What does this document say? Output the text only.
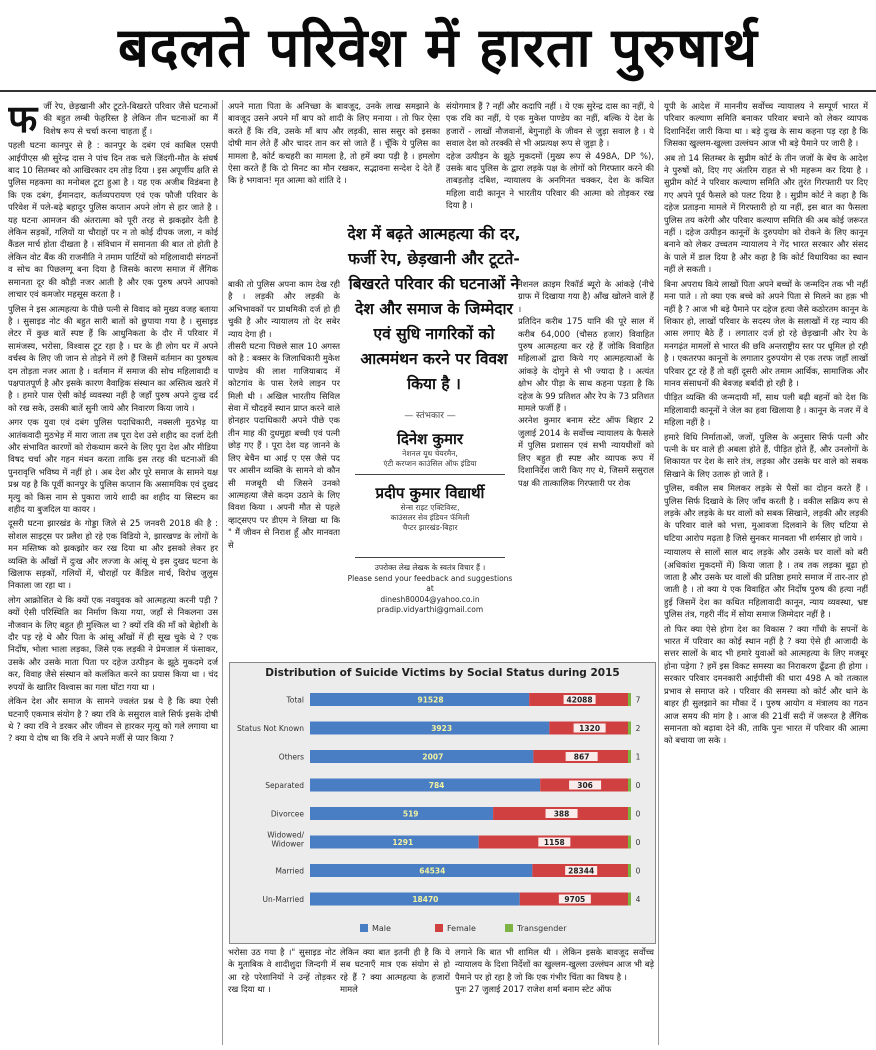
बदलते परिवेश में हारता पुरुषार्थ
फ र्जी रेप, छेड़खानी और टूटते-बिखरते परिवार जैसे घटनाओं की बहुत लम्बी फेहरिस्त है लेकिन तीन घटनाओं का मैं विशेष रूप से चर्चा करना चाहता हूँ ।

पहली घटना कानपुर से है : कानपुर के दबंग एवं काबिल एसपी आईपीएस श्री सुरेन्द्र दास ने पांच दिन तक चले जिंदगी-मौत के संघर्ष बाद 10 सितम्बर को आखिरकार दम तोड़ दिया । इस अपूर्णीय क्षति से पुलिस महकमा का मनोबल टूटा हुआ है । यह एक अजीब विडंबना है कि एक दबंग, ईमानदार, कर्तव्यपरायण एवं एक फौजी परिवार के परिवेश में पले-बढ़े बहादुर पुलिस कप्तान अपने लोग से हार जाते है । यह घटना आमजन की अंतरात्मा को पूरी तरह से झकझोर देती है लेकिन सड़कों, गलियों या चौराहों पर न तो कोई दीपक जला, न कोई कैंडल मार्च होता दीखता है । संविधान में समानता की बात तो होती है लेकिन वोट बैंक की राजनीति ने तमाम पार्टियों को महिलावादी संगठनों व सोच का पिछलग्गू बना दिया है जिसके कारण समाज में लैंगिक समानता दूर की कौड़ी नजर आती है और एक पुरुष अपने आपको लाचार एवं कमजोर महसूस करता है ।

पुलिस ने इस आत्महत्या के पीछे पत्नी से विवाद को मुख्य वजह बताया है । सुसाइड नोट की बहुत सारी बातों को छुपाया गया है । सुसाइड लेटर में कुछ बातें स्पष्ट हैं कि आधुनिकता के दौर में परिवार में सामंजस्य, भरोसा, विश्वास टूट रहा है । घर के ही लोग घर में अपने वर्चस्व के लिए जी जान से तोड़ने में लगे हैं जिसमें वर्तमान का पुरुषत्व दम तोड़ता नजर आता है । वर्तमान में समाज की सोच महिलावादी व पक्षपातपूर्ण है और इसके कारण वैवाहिक संस्थान का अस्तित्व खतरे में है । हमारे पास ऐसी कोई व्यवस्था नहीं है जहाँ पुरुष अपने दुःख दर्द को रख सके, उसकी बातें सुनी जाये और निवारण किया जाये ।

अगर एक युवा एवं दबंग पुलिस पदाधिकारी, नक्सली मुठभेड़ या आतंकवादी मुठभेड़ में मारा जाता तब पूरा देश उसे शहीद का दर्जा देती और संभावित कारणों को रोकथाम करने के लिए पूरा देश और मीडिया विषद चर्चा और गहन मंथन करता ताकि इस तरह की घटनाओं की पुनरावृत्ति भविष्य में नहीं हो । अब देश और पूरे समाज के सामने यक्ष प्रश्न यह है कि पूर्वी कानपुर के पुलिस कप्तान कि असामयिक एवं दुखद मृत्यु को किस नाम से पुकारा जाये शादी का शहीद या सिस्टम का शहीद या बुजदिल या कायर ।

दूसरी घटना झारखंड के गोड्डा जिले से 25 जनवरी 2018 की है : सोशल साइट्स पर फ़्लैश हो रहे एक विडियो ने, झारखण्ड के लोगों के मन मस्तिष्क को झकझोर कर रख दिया था और इसको लेकर हर व्यक्ति के आँखों में दुःख और लज्जा के आंसू थे इस दुखद घटना के खिलाफ सड़कों, गलियों में, चौराहों पर कैंडिल मार्च, विरोध जुलुस निकाला जा रहा था ।

लोग आक्रोशित थे कि क्यों एक नवयुवक को आत्महत्या करनी पड़ी ? क्यों ऐसी परिस्थिति का निर्माण किया गया, जहाँ से निकलना उस नौजवान के लिए बहुत ही मुश्किल था ? क्यों रवि की माँ को बेहोशी के दौर पड़ रहे थे और पिता के आंसू आँखों में ही सूख चुके थे ? एक निर्दोष, भोला भाला लड़का, जिसे एक लड़की ने प्रेमजाल में फंसाकर, उसके और उसके माता पिता पर दहेज उत्पीड़न के झूठे मुकदमे दर्ज कर, विवाह जैसे संस्थान को कलंकित करने का प्रयास किया था । चंद रुपयों के खातिर विश्वास का गला घोंटा गया था ।

लेकिन देश और समाज के सामने ज्वलंत प्रश्न ये है कि क्या ऐसी घटनाएँ एकमात्र संयोग है ? क्या रवि के ससुराल वाले सिर्फ इसके दोषी थे ? क्या रवि ने डरकर और जीवन से हारकर मृत्यु को गले लगाया था ? क्या ये दोष था कि रवि ने अपने मर्जी से प्यार किया ?

अपने माता पिता के अनिच्छा के बावजूद, उनके लाख समझाने के बावजूद उसने अपने माँ बाप को शादी के लिए मनाया । तो फिर ऐसा करते हैं कि रवि, उसके माँ बाप और लड़की, सास ससुर को इसका दोषी मान लेते हैं और चादर तान कर सो जाते हैं । चूँकि ये पुलिस का मामला है, कोर्ट कचहरी का मामला है, तो हमें क्या पड़ी है । हमलोग ऐसा करते हैं कि दो मिनट का मौन रखकर, सद्भावना सन्देश दे देते हैं कि हे भगवान! मृत आत्मा को शांति दे ।

बाकी तो पुलिस अपना काम देख रही है । लड़की और लड़की के अभिभावकों पर प्राथमिकी दर्ज हो ही चुकी है और न्यायालय तो देर सबेर न्याय देगा ही ।
तीसरी घटना पिछले साल 10 अगस्त को है : बक्सर के जिलाधिकारी मुकेश पाण्डेय की लाश गाजियाबाद में कोटगांव के पास रेलवे लाइन पर मिली थी । अखिल भारतीय सिविल सेवा में चौदहवें स्थान प्राप्त करने वाले होनहार पदाधिकारी अपने पीछे एक तीन माह की दुधमुहा बच्ची एवं पत्नी छोड़ गए हैं । पूरा देश यह जानने के लिए बेचैन था आई ए एस जैसे पद पर आसीन व्यक्ति के सामने वो कौन सी मजबूरी थी जिसने उनको आत्महत्या जैसे कदम उठाने के लिए विवश किया । अपनी मौत से पहले व्हाट्सएप पर डीएम ने लिखा था कि " मैं जीवन से निराश हूँ और मानवता से

संयोगमात्र हैं ? नहीं और कदापि नहीं । ये एक सुरेन्द्र दास का नहीं, ये एक रवि का नहीं, ये एक मुकेश पाण्डेय का नहीं, बल्कि ये देश के हजारों - लाखों नौजवानों, बेगुनाहों के जीवन से जुड़ा सवाल है । ये सवाल देश को तरक्की से भी अप्रत्यक्ष रूप से जुड़ा है ।
दहेज उत्पीड़न के झूठे मुकदमों (मुख्य रूप से 498A, DP %), उसके बाद पुलिस के द्वारा लड़के पक्ष के लोगों को गिरफ्तार करने की ताबड़तोड़ दबिश, न्यायालय के अनगिनत चक्कर, देश के कथित महिला वादी कानून ने भारतीय परिवार की आत्मा को तोड़कर रख दिया है ।

नेशनल क्राइम रिकॉर्ड ब्यूरो के आंकड़े (नीचे ग्राफ में दिखाया गया है) आँख खोलने वाले हैं ।
प्रतिदिन करीब 175 यानि की पूरे साल में करीब 64,000 (चौसठ हजार) विवाहित पुरुष आत्महत्या कर रहे हैं जोकि विवाहित महिलाओं द्वारा किये गए आत्महत्याओं के आंकड़े के दोगुने से भी ज्यादा है । अत्यंत क्षोभ और पीड़ा के साथ कहना पड़ता है कि दहेज के 99 प्रतिशत और रेप के 73 प्रतिशत मामले फर्जी हैं ।
अरनेश कुमार बनाम स्टेट ऑफ बिहार 2 जुलाई 2014 के सर्वोच्च न्यायालय के फैसले में पुलिस प्रशासन एवं सभी न्यायधीशों को लिए बहुत ही स्पष्ट और व्यापक रूप में दिशानिर्देश जारी किए गए थे, जिसमें ससुराल पक्ष की तात्कालिक गिरफ्तारी पर रोक

देश में बढ़ते आत्महत्या की दर, फर्जी रेप, छेड़खानी और टूटते-बिखरते परिवार की घटनाओं ने देश और समाज के जिम्मेदार एवं सुधि नागरिकों को आत्ममंथन करने पर विवश किया है ।
— स्तंभकार —
दिनेश कुमार
नेशनल यूथ चेयरमैन,
एंटी करप्शन काउंसिल ऑफ इंडिया
प्रदीप कुमार विद्यार्थी
सेन्स राइट एक्टिविस्ट,
काउंसलर सेव इंडियन फॅमिली
चैप्टर झारखंड-बिहार
उपरोक्त लेख लेखक के स्वतंत्र विचार हैं ।
Please send your feedback and suggestions at
dinesh80004@yahoo.co.in
pradip.vidyarthi@gmail.com
Distribution of Suicide Victims by Social Status during 2015
Total	91528	42088	7
Status Not Known	3923	1320	2
Others	2007	867	1
Separated	784	306	0
Divorcee	519	388	0
Widowed/ Widower	1291	1158	0
Married	64534	28344	0
Un-Married	18470	9705	4
Male	Female	Transgender
भरोसा उठ गया है ।" सुसाइड नोट के मुताबिक वे शादीशुदा जिन्दगी में आ रहे परेशानियों ने उन्हें तोड़कर रख दिया था ।
लेकिन क्या बात इतनी ही है कि ये सब घटनाएँ मात्र एक संयोग से हो रहे हैं ? क्या आत्महत्या के हजारों मामले
लगाने कि बात भी शामिल थी । लेकिन इसके बावजूद सर्वोच्च न्यायालय के दिशा निर्देशों का खुल्लम-खुल्ला उल्लंघन आज भी बड़े पैमाने पर हो रहा है जो कि एक गंभीर चिंता का विषय है ।
पुनः 27 जुलाई 2017 राजेश शर्मा बनाम स्टेट ऑफ

यूपी के आदेश में माननीय सर्वोच्च न्यायालय ने सम्पूर्ण भारत में परिवार कल्याण समिति बनाकर परिवार बचाने को लेकर व्यापक दिशानिर्देश जारी किया था । बड़े दुःख के साथ कहना पड़ रहा है कि जिसका खुल्लम-खुल्ला उल्लंघन आज भी बड़े पैमाने पर जारी है ।

अब तो 14 सितम्बर के सुप्रीम कोर्ट के तीन जजों के बेंच के आदेश ने पुरुषों को, दिए गए अंतरिम राहत से भी महरूम कर दिया है । सुप्रीम कोर्ट ने परिवार कल्याण समिति और तुरंत गिरफ्तारी पर दिए गए अपने पूर्व फैसले को पलट दिया है । सुप्रीम कोर्ट ने कहा है कि दहेज प्रताड़ना मामले में गिरफ्तारी हो या नहीं, इस बात का फैसला पुलिस तय करेगी और परिवार कल्याण समिति की अब कोई जरूरत नहीं । दहेज उत्पीड़न कानूनों के दुरुपयोग को रोकने के लिए कानून बनाने को लेकर उच्चतम न्यायालय ने गेंद भारत सरकार और संसद के पाले में डाल दिया है और कहा है कि कोर्ट विधायिका का स्थान नहीं ले सकती ।

बिना अपराध किये लाखों पिता अपने बच्चों के जन्मदिन तक भी नहीं मना पाते । तो क्या एक बच्चे को अपने पिता से मिलने का हक़ भी नहीं है ? आज भी बड़े पैमाने पर दहेज हत्या जैसे कठोरतम कानून के शिकार हो, लाखों परिवार के सदस्य जेल के सलाखों में रह न्याय की आस लगाए बैठे हैं । लगातार दर्ज हो रहे छेड़खानी और रेप के मनगढ़ंत मामलों से भारत की छवि अन्तराष्ट्रीय स्तर पर धूमिल हो रही है । एकतरफा कानूनों के लगातार दुरुपयोग से एक तरफ जहाँ लाखों परिवार टूट रहे हैं तो वहीं दूसरी ओर तमाम आर्थिक, सामाजिक और मानव संसाधनों की बेवजह बर्बादी हो रही है ।

पीड़ित व्यक्ति की जन्मदायी माँ, साथ पली बढ़ी बहनों को देश कि महिलावादी कानूनों ने जेल का हवा खिलाया है । कानून के नजर में वे महिला नहीं है ।

हमारे विधि निर्माताओं, जजों, पुलिस के अनुसार सिर्फ पत्नी और पत्नी के घर वाले ही अबला होते हैं, पीड़ित होते हैं, और उनलोगों के शिकायत पर देश के सारे तंत्र, लड़का और उसके घर वाले को सबक सिखाने के लिए उतारू हो जाते हैं ।

पुलिस, वकील सब मिलकर लड़के से पैसों का दोहन करते हैं । पुलिस सिर्फ दिखावे के लिए जाँच करती है । वकील सक्रिय रूप से लड़के और लड़के के घर वालों को सबक सिखाने, लड़की और लड़की के परिवार वाले को भत्ता, मुआवजा दिलवाने के लिए घटिया से घटिया आरोप मढ़ता है जिसे सुनकर मानवता भी शर्मसार हो जाये ।

न्यायालय से सालों साल बाद लड़के और उसके घर वालों को बरी (अधिकांश मुकदमों में) किया जाता है । तब तक लड़का बूढ़ा हो जाता है और उसके घर वालों की प्रतिष्ठा हमारे समाज में तार-तार हो जाती है । तो क्या ये एक विवाहित और निर्दोष पुरुष की हत्या नहीं हुई जिसमें देश का कथित महिलावादी कानून, न्याय व्यवस्था, भ्रष्ट पुलिस तंत्र, गहरी नींद में सोया समाज जिम्मेदार नहीं है ।

तो फिर क्या ऐसे होगा देश का विकास ? क्या गाँधी के सपनों के भारत में परिवार का कोई स्थान नहीं है ? क्या ऐसे ही आजादी के सत्तर सालों के बाद भी हमारे युवाओं को आत्महत्या के लिए मजबूर होना पड़ेगा ? हमें इस विकट समस्या का निराकरण ढूँढना ही होगा । सरकार परिवार दमनकारी आईपीसी की धारा 498 A को तत्काल प्रभाव से समाप्त करे । परिवार की समस्या को कोर्ट और थाने के बाहर ही सुलझाने का मौका दें । पुरुष आयोग व मंत्रालय का गठन आज समय की मांग है । आज की 21वीं सदी में जरूरत है लैंगिक समानता को बढ़ावा देने की, ताकि पुनः भारत में परिवार की आत्मा को बचाया जा सके ।
